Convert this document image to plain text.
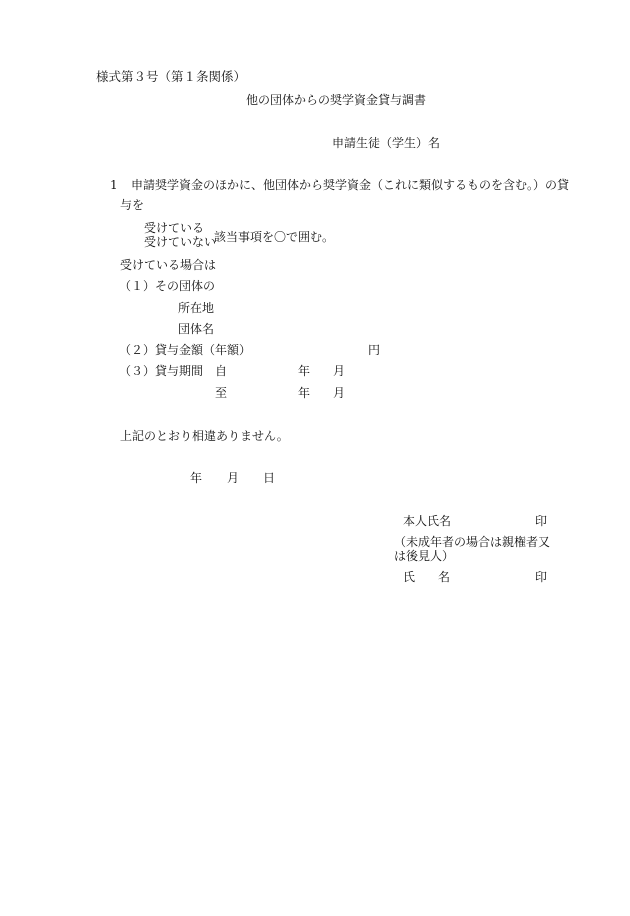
様式第３号（第１条関係）
他の団体からの奨学資金貸与調書
申請生徒（学生）名
1 申請奨学資金のほかに、他団体から奨学資金（これに類似するものを含む。）の貸
与を
受けている
受けていない
該当事項を〇で囲む。
受けている場合は
（１） その団体の
所在地
団体名
（２） 貸与金額（年額）	円
（３） 貸与期間 自	年 月
至	年 月
上記のとおり相違ありません。
年 月 日
本人氏名	印
（未成年者の場合は親権者又
は後見人）
氏 名	印
